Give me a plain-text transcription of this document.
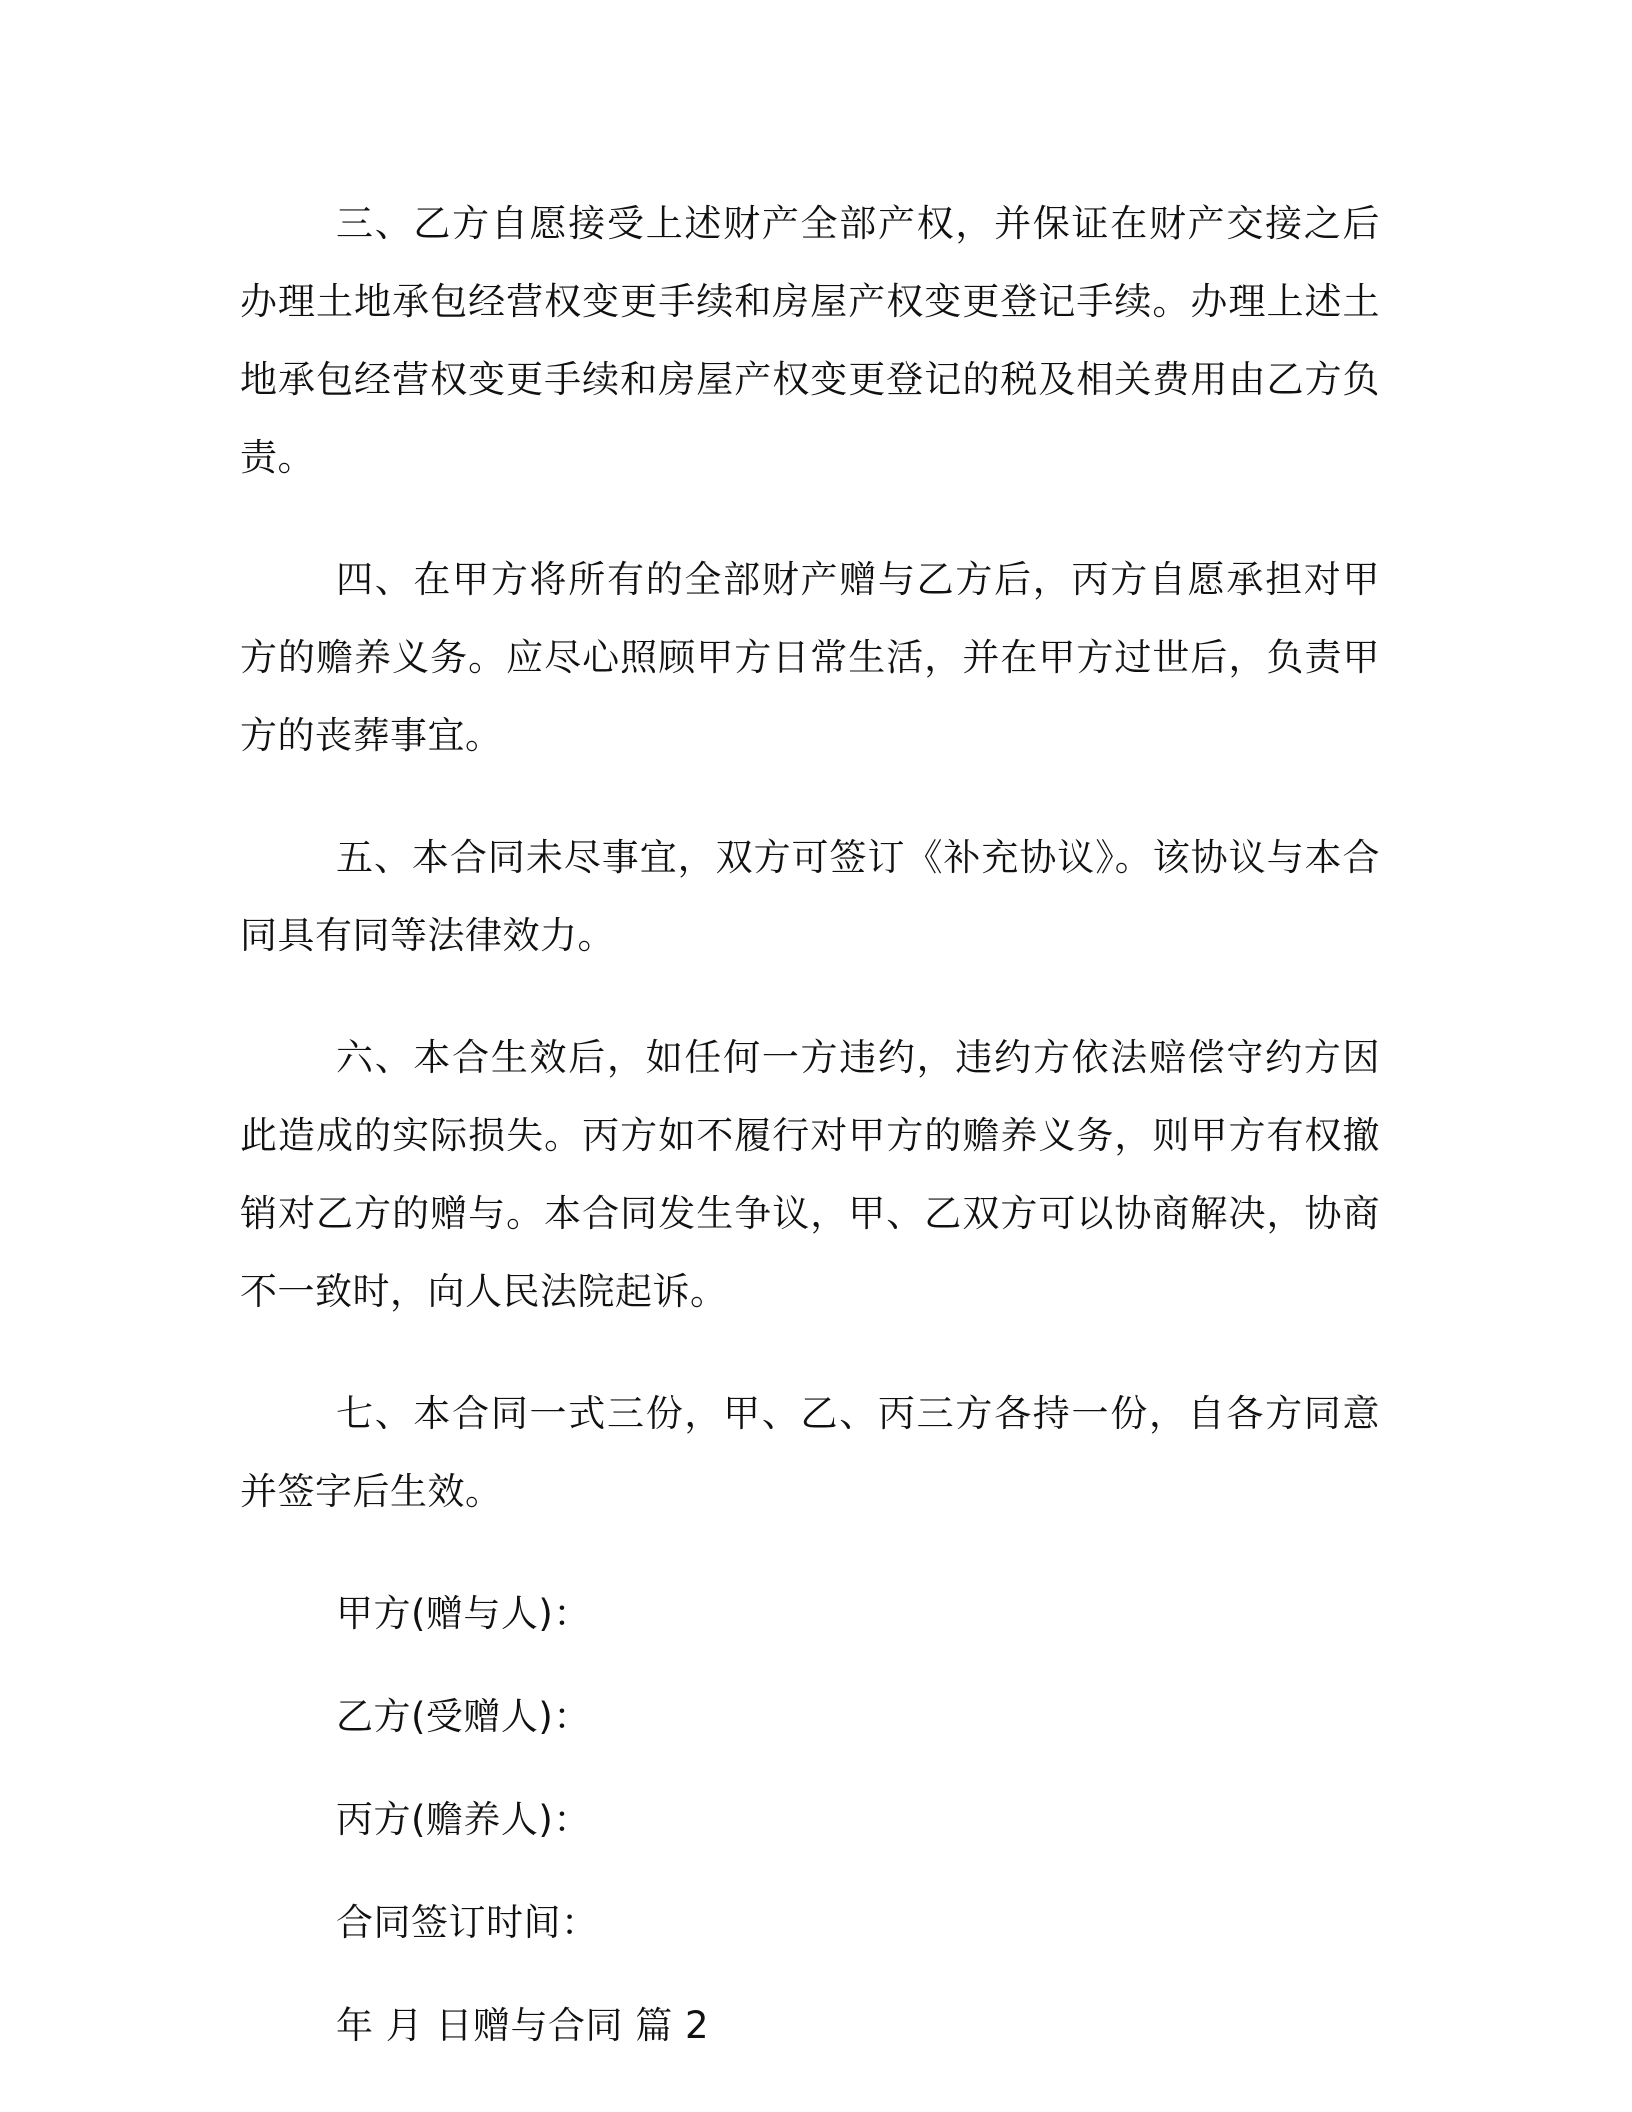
三、乙方自愿接受上述财产全部产权，并保证在财产交接之后办理土地承包经营权变更手续和房屋产权变更登记手续。办理上述土地承包经营权变更手续和房屋产权变更登记的税及相关费用由乙方负责。

四、在甲方将所有的全部财产赠与乙方后，丙方自愿承担对甲方的赡养义务。应尽心照顾甲方日常生活，并在甲方过世后，负责甲方的丧葬事宜。

五、本合同未尽事宜，双方可签订《补充协议》。该协议与本合同具有同等法律效力。

六、本合生效后，如任何一方违约，违约方依法赔偿守约方因此造成的实际损失。丙方如不履行对甲方的赡养义务，则甲方有权撤销对乙方的赠与。本合同发生争议，甲、乙双方可以协商解决，协商不一致时，向人民法院起诉。

七、本合同一式三份，甲、乙、丙三方各持一份，自各方同意并签字后生效。

甲方(赠与人)：

乙方(受赠人)：

丙方(赡养人)：

合同签订时间：

年 月 日赠与合同 篇 2
